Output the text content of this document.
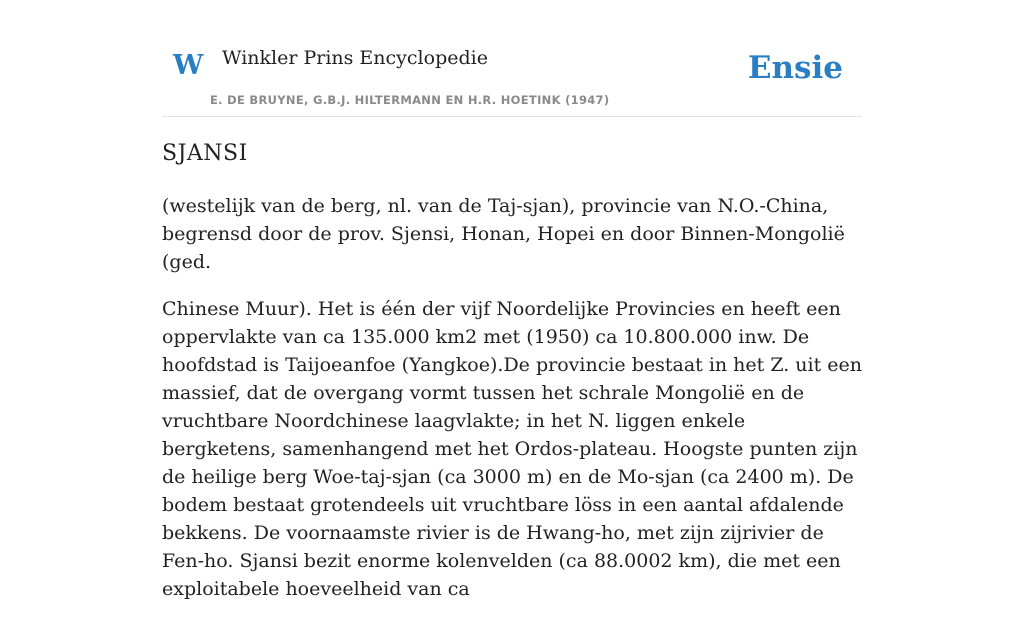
W Winkler Prins Encyclopedie
E. DE BRUYNE, G.B.J. HILTERMANN EN H.R. HOETINK (1947)
Ensie
SJANSI

(westelijk van de berg, nl. van de Taj-sjan), provincie van N.O.-China, begrensd door de prov. Sjensi, Honan, Hopei en door Binnen-Mongolië (ged.

Chinese Muur). Het is één der vijf Noordelijke Provincies en heeft een oppervlakte van ca 135.000 km2 met (1950) ca 10.800.000 inw. De hoofdstad is Taijoeanfoe (Yangkoe).De provincie bestaat in het Z. uit een massief, dat de overgang vormt tussen het schrale Mongolië en de vruchtbare Noordchinese laagvlakte; in het N. liggen enkele bergketens, samenhangend met het Ordos-plateau. Hoogste punten zijn de heilige berg Woe-taj-sjan (ca 3000 m) en de Mo-sjan (ca 2400 m). De bodem bestaat grotendeels uit vruchtbare löss in een aantal afdalende bekkens. De voornaamste rivier is de Hwang-ho, met zijn zijrivier de Fen-ho. Sjansi bezit enorme kolenvelden (ca 88.0002 km), die met een exploitabele hoeveelheid van ca
